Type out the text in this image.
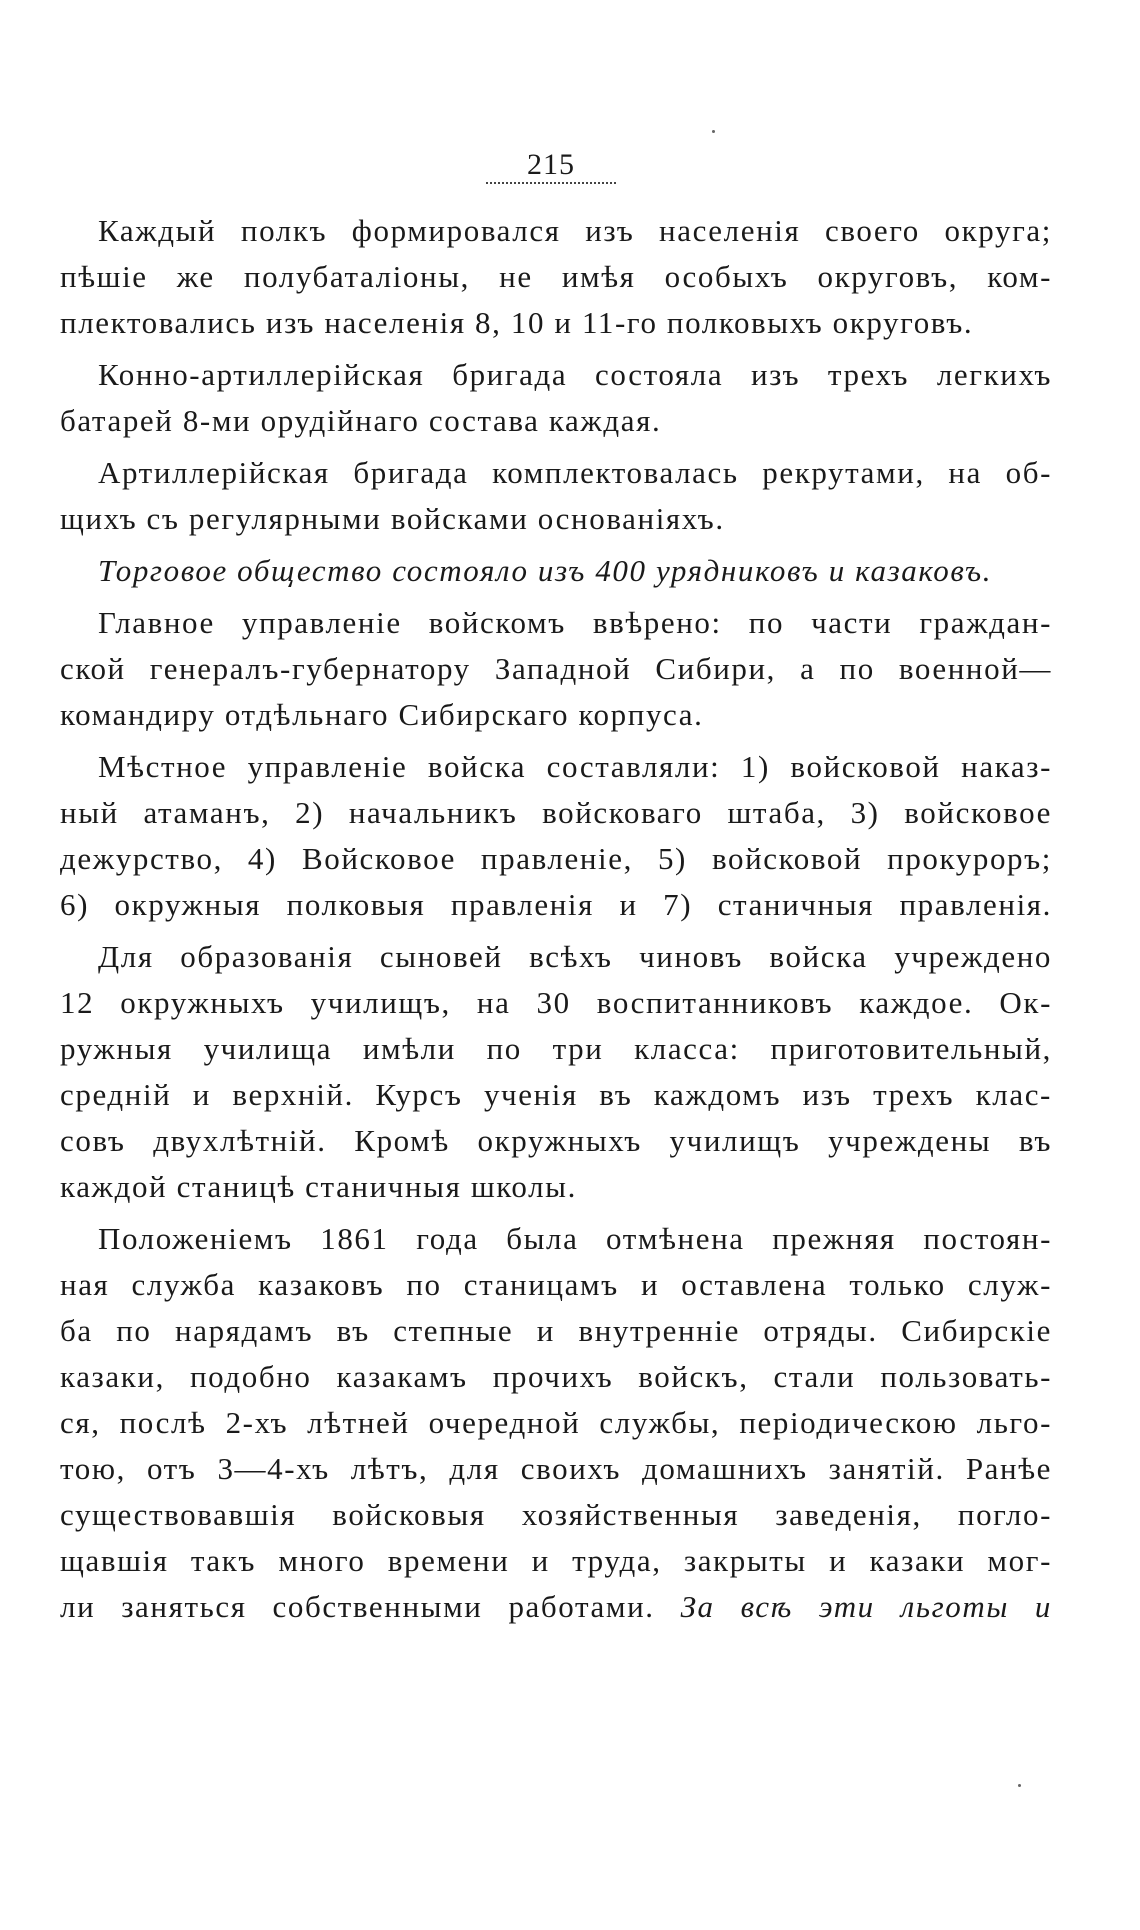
215
Каждый полкъ формировался изъ населенія своего округа;
пѣшіе же полубаталіоны, не имѣя особыхъ округовъ, ком-
плектовались изъ населенія 8, 10 и 11-го полковыхъ округовъ.
Конно-артиллерійская бригада состояла изъ трехъ легкихъ
батарей 8-ми орудійнаго состава каждая.
Артиллерійская бригада комплектовалась рекрутами, на об-
щихъ съ регулярными войсками основаніяхъ.
Торговое общество состояло изъ 400 урядниковъ и казаковъ.
Главное управленіе войскомъ ввѣрено: по части граждан-
ской генералъ-губернатору Западной Сибири, а по военной—
командиру отдѣльнаго Сибирскаго корпуса.
Мѣстное управленіе войска составляли: 1) войсковой наказ-
ный атаманъ, 2) начальникъ войсковаго штаба, 3) войсковое
дежурство, 4) Войсковое правленіе, 5) войсковой прокуроръ;
6) окружныя полковыя правленія и 7) станичныя правленія.
Для образованія сыновей всѣхъ чиновъ войска учреждено
12 окружныхъ училищъ, на 30 воспитанниковъ каждое. Ок-
ружныя училища имѣли по три класса: приготовительный,
среднiй и верхнiй. Курсъ ученія въ каждомъ изъ трехъ клас-
совъ двухлѣтній. Кромѣ окружныхъ училищъ учреждены въ
каждой станицѣ станичныя школы.
Положеніемъ 1861 года была отмѣнена прежняя постоян-
ная служба казаковъ по станицамъ и оставлена только служ-
ба по нарядамъ въ степные и внутренніе отряды. Сибирскіе
казаки, подобно казакамъ прочихъ войскъ, стали пользовать-
ся, послѣ 2-хъ лѣтней очередной службы, періодическою льго-
тою, отъ 3—4-хъ лѣтъ, для своихъ домашнихъ занятій. Ранѣе
существовавшія войсковыя хозяйственныя заведенія, погло-
щавшія такъ много времени и труда, закрыты и казаки мог-
ли заняться собственными работами. За всѣ эти льготы и
